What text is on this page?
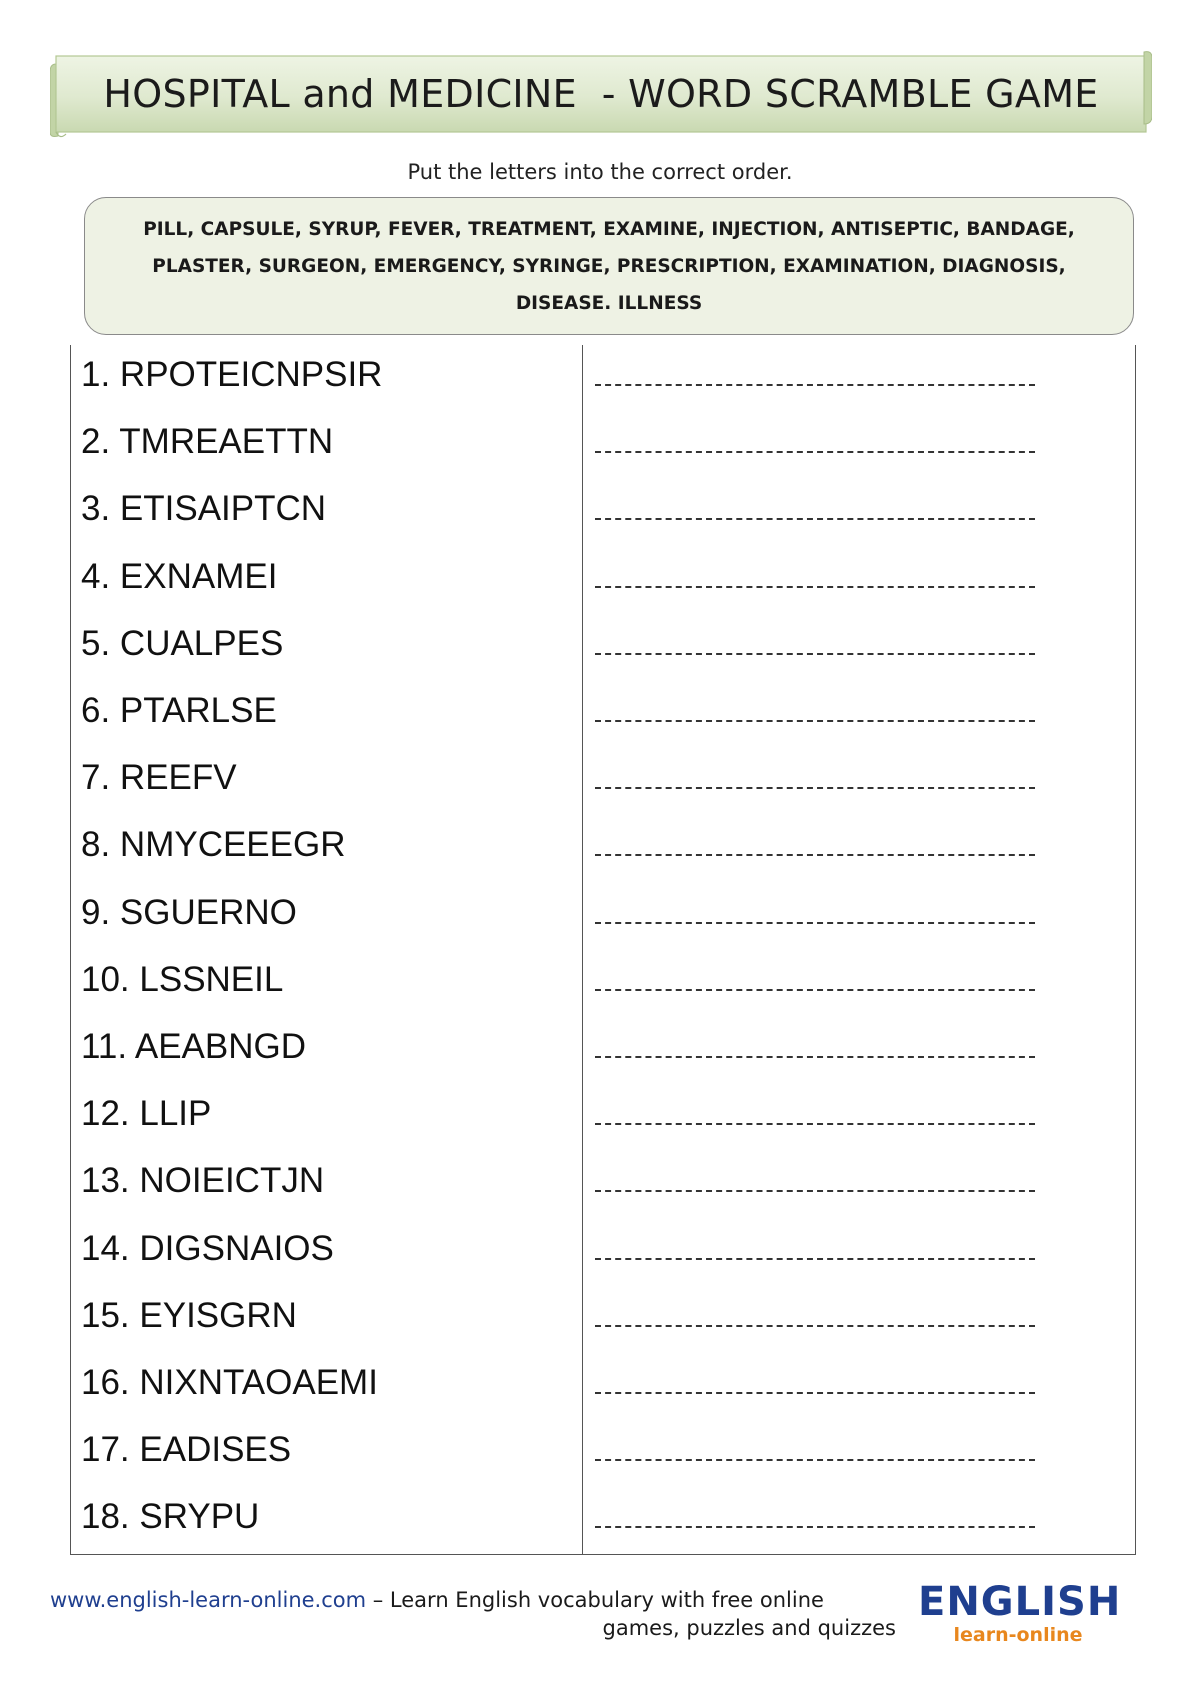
HOSPITAL and MEDICINE  - WORD SCRAMBLE GAME
Put the letters into the correct order.
PILL, CAPSULE, SYRUP, FEVER, TREATMENT, EXAMINE, INJECTION, ANTISEPTIC, BANDAGE,
PLASTER, SURGEON, EMERGENCY, SYRINGE, PRESCRIPTION, EXAMINATION, DIAGNOSIS,
DISEASE. ILLNESS
1. RPOTEICNPSIR
2. TMREAETTN
3. ETISAIPTCN
4. EXNAMEI
5. CUALPES
6. PTARLSE
7. REEFV
8. NMYCEEEGR
9. SGUERNO
10. LSSNEIL
11. AEABNGD
12. LLIP
13. NOIEICTJN
14. DIGSNAIOS
15. EYISGRN
16. NIXNTAOAEMI
17. EADISES
18. SRYPU
www.english-learn-online.com – Learn English vocabulary with free online
games, puzzles and quizzes
ENGLISH
learn-online
